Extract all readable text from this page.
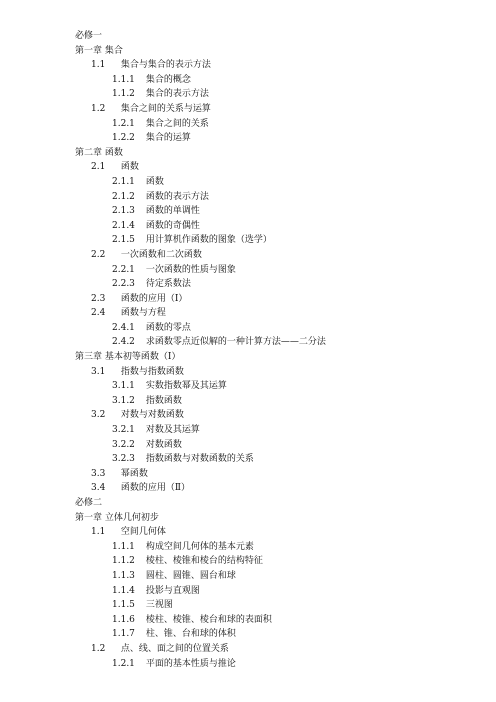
必修一
第一章 集合
1.1 集合与集合的表示方法
1.1.1 集合的概念
1.1.2 集合的表示方法
1.2 集合之间的关系与运算
1.2.1 集合之间的关系
1.2.2 集合的运算
第二章 函数
2.1 函数
2.1.1 函数
2.1.2 函数的表示方法
2.1.3 函数的单调性
2.1.4 函数的奇偶性
2.1.5 用计算机作函数的图象（选学）
2.2 一次函数和二次函数
2.2.1 一次函数的性质与图象
2.2.3 待定系数法
2.3 函数的应用（Ⅰ）
2.4 函数与方程
2.4.1 函数的零点
2.4.2 求函数零点近似解的一种计算方法——二分法
第三章 基本初等函数（Ⅰ）
3.1 指数与指数函数
3.1.1 实数指数幂及其运算
3.1.2 指数函数
3.2 对数与对数函数
3.2.1 对数及其运算
3.2.2 对数函数
3.2.3 指数函数与对数函数的关系
3.3 幂函数
3.4 函数的应用（Ⅱ）
必修二
第一章 立体几何初步
1.1 空间几何体
1.1.1 构成空间几何体的基本元素
1.1.2 棱柱、棱锥和棱台的结构特征
1.1.3 圆柱、圆锥、圆台和球
1.1.4 投影与直观图
1.1.5 三视图
1.1.6 棱柱、棱锥、棱台和球的表面积
1.1.7 柱、锥、台和球的体积
1.2 点、线、面之间的位置关系
1.2.1 平面的基本性质与推论
